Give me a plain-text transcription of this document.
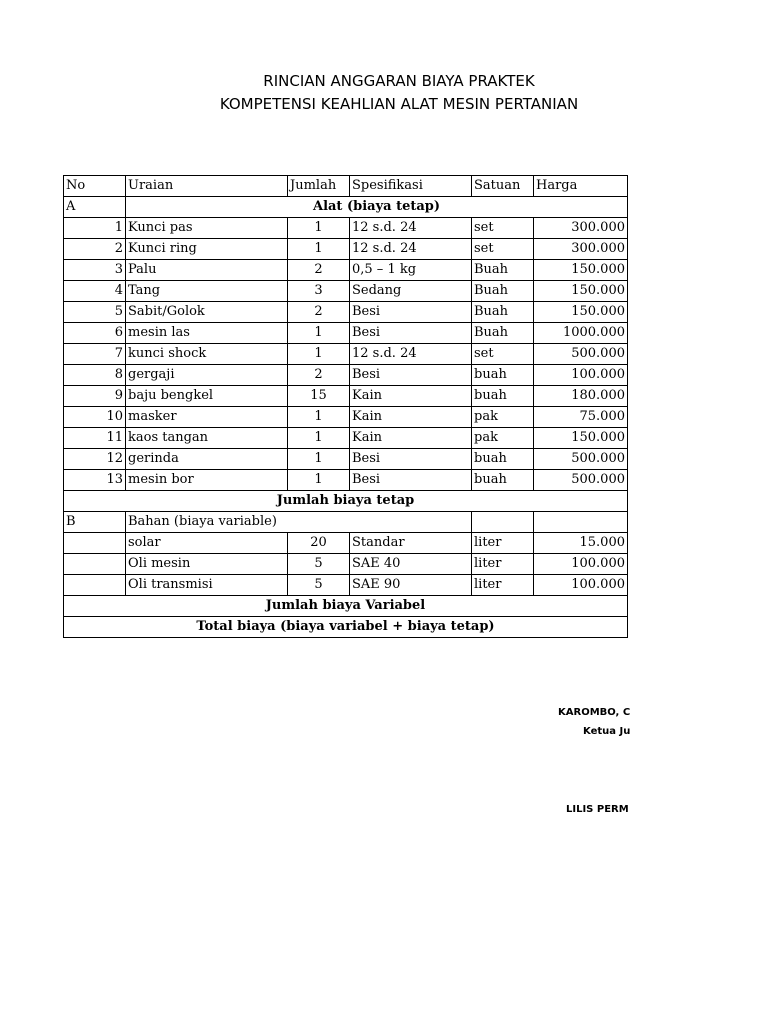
RINCIAN ANGGARAN BIAYA PRAKTEK
KOMPETENSI KEAHLIAN ALAT MESIN PERTANIAN
No	Uraian	Jumlah	Spesifikasi	Satuan	Harga
A	Alat (biaya tetap)				
1	Kunci pas	1	12 s.d. 24	set	300.000
2	Kunci ring	1	12 s.d. 24	set	300.000
3	Palu	2	0,5 – 1 kg	Buah	150.000
4	Tang	3	Sedang	Buah	150.000
5	Sabit/Golok	2	Besi	Buah	150.000
6	mesin las	1	Besi	Buah	1000.000
7	kunci shock	1	12 s.d. 24	set	500.000
8	gergaji	2	Besi	buah	100.000
9	baju bengkel	15	Kain	buah	180.000
10	masker	1	Kain	pak	75.000
11	kaos tangan	1	Kain	pak	150.000
12	gerinda	1	Besi	buah	500.000
13	mesin bor	1	Besi	buah	500.000
Jumlah biaya tetap					
B	Bahan (biaya variable)				
	solar	20	Standar	liter	15.000
	Oli mesin	5	SAE 40	liter	100.000
	Oli transmisi	5	SAE 90	liter	100.000
Jumlah biaya Variabel					
Total biaya (biaya variabel + biaya tetap)					
KAROMBO, C
Ketua Ju
LILIS PERM
